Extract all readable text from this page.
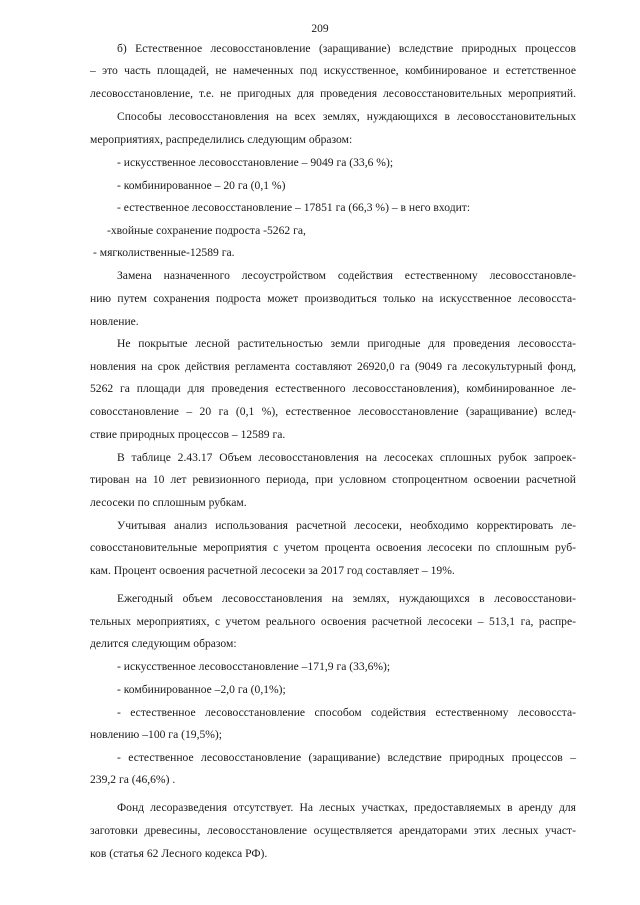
209
б) Естественное лесовосстановление (заращивание) вследствие природных процессов
– это часть площадей, не намеченных под искусственное, комбинированое и естетственное
лесовосстановление, т.е. не пригодных для проведения лесовосстановительных мероприятий.
Способы лесовосстановления на всех землях, нуждающихся в лесовосстановительных
мероприятиях, распределились следующим образом:
- искусственное лесовосстановление – 9049 га (33,6 %);
- комбинированное – 20 га (0,1 %)
- естественное лесовосстановление – 17851 га (66,3 %) – в него входит:
-хвойные сохранение подроста -5262 га,
- мягколиственные-12589 га.
Замена назначенного лесоустройством содействия естественному лесовосстановле-
нию путем сохранения подроста может производиться только на искусственное лесовосста-
новление.
Не покрытые лесной растительностью земли пригодные для проведения лесовосста-
новления на срок действия регламента составляют 26920,0 га (9049 га лесокультурный фонд,
5262 га площади для проведения естественного лесовосстановления), комбинированное ле-
совосстановление – 20 га (0,1 %), естественное лесовосстановление (заращивание) вслед-
ствие природных процессов – 12589 га.
В таблице 2.43.17 Объем лесовосстановления на лесосеках сплошных рубок запроек-
тирован на 10 лет ревизионного периода, при условном стопроцентном освоении расчетной
лесосеки по сплошным рубкам.
Учитывая анализ использования расчетной лесосеки, необходимо корректировать ле-
совосстановительные мероприятия с учетом процента освоения лесосеки по сплошным руб-
кам. Процент освоения расчетной лесосеки за 2017 год составляет – 19%.
Ежегодный объем лесовосстановления на землях, нуждающихся в лесовосстанови-
тельных мероприятиях, с учетом реального освоения расчетной лесосеки – 513,1 га, распре-
делится следующим образом:
- искусственное лесовосстановление –171,9 га (33,6%);
- комбинированное –2,0 га (0,1%);
- естественное лесовосстановление способом содействия естественному лесовосста-
новлению –100 га (19,5%);
- естественное лесовосстановление (заращивание) вследствие природных процессов –
239,2 га (46,6%) .
Фонд лесоразведения отсутствует. На лесных участках, предоставляемых в аренду для
заготовки древесины, лесовосстановление осуществляется арендаторами этих лесных участ-
ков (статья 62 Лесного кодекса РФ).
